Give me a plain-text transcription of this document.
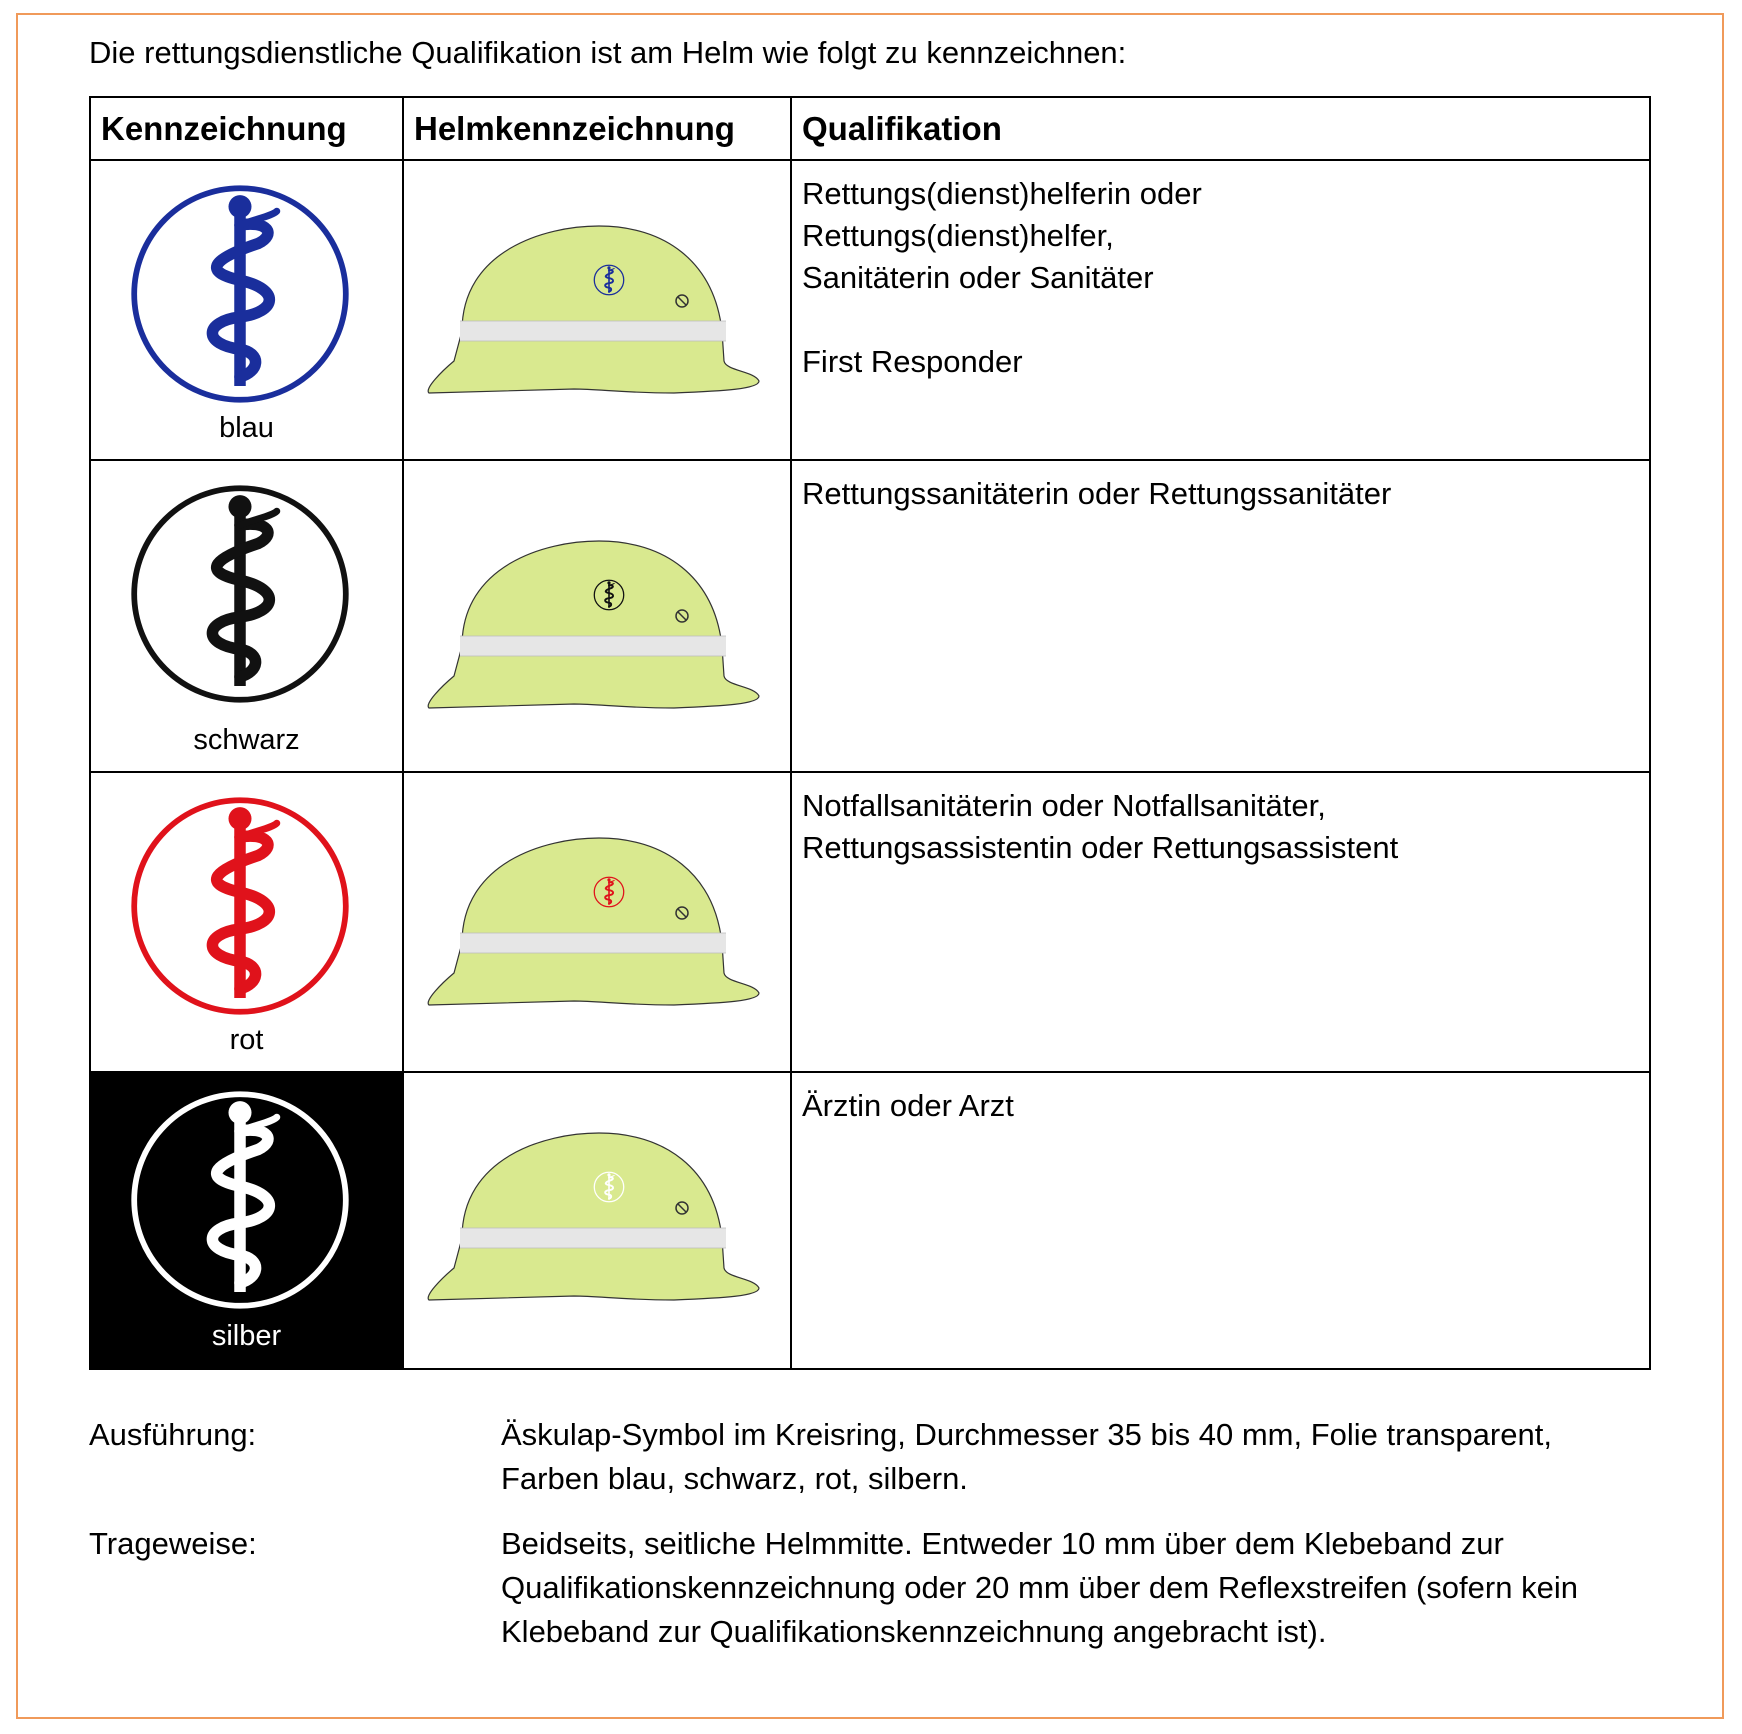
Die rettungsdienstliche Qualifikation ist am Helm wie folgt zu kennzeichnen:

Kennzeichnung	Helmkennzeichnung	Qualifikation

blau		Rettungs(dienst)helferin oder
Rettungs(dienst)helfer,
Sanitäterin oder Sanitäter
First Responder

schwarz		Rettungssanitäterin oder Rettungssanitäter

rot		Notfallsanitäterin oder Notfallsanitäter,
Rettungsassistentin oder Rettungsassistent

silber		Ärztin oder Arzt
Ausführung:	Äskulap-Symbol im Kreisring, Durchmesser 35 bis 40 mm, Folie transparent, Farben blau, schwarz, rot, silbern.
Trageweise:	Beidseits, seitliche Helmmitte. Entweder 10 mm über dem Klebeband zur Qualifikationskennzeichnung oder 20 mm über dem Reflexstreifen (sofern kein Klebeband zur Qualifikationskennzeichnung angebracht ist).
